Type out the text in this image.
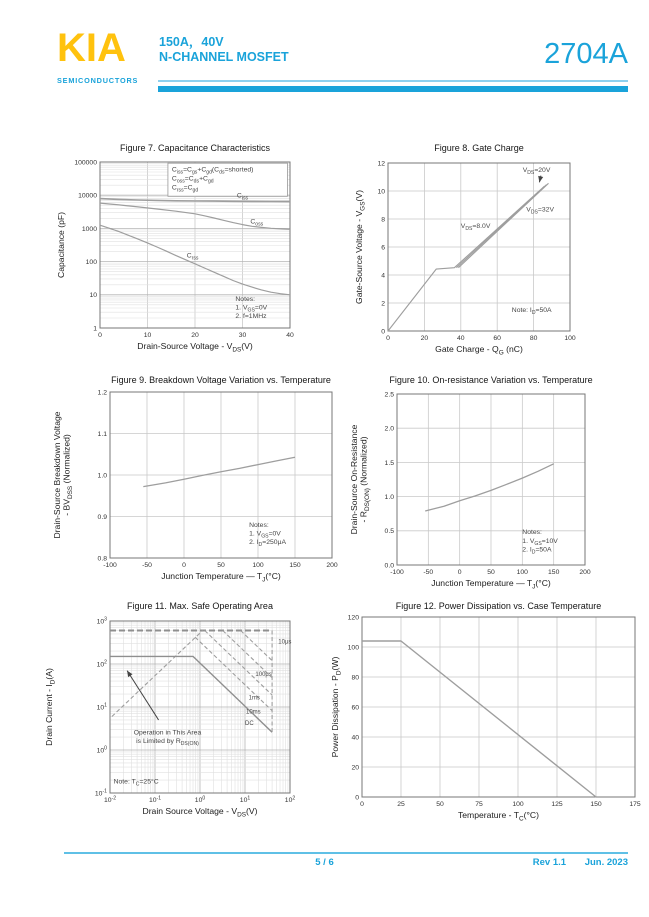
KIA
SEMICONDUCTORS
150A，40V
N-CHANNEL MOSFET	2704A
0	10	20	30	40
1
10
100
1000
10000
100000
Figure 7. Capacitance Characteristics
Drain-Source Voltage - VDS(V)
Capacitance (pF)
Ciss=Cgs+Cgd(Cds=shorted)
Coss=Cds+Cgd
Crss=Cgd
Notes:
1. VGS=0V
2. f=1MHz
Ciss
Coss
Crss
0	20	40	60	80	100
0
2
4
6
8
10
12
Figure 8. Gate Charge
Gate Charge - QG (nC)
Gate-Source Voltage - VGS(V)
Note: ID=50A
VDS=20V
VDS=32V
VDS=8.0V
-100	-50	0	50	100	150	200
0.8
0.9
1.0
1.1
1.2
Figure 9. Breakdown Voltage Variation vs. Temperature
Junction Temperature — TJ(°C)
Drain-Source Breakdown Voltage - BVDSS (Normalized)
Notes:
1. VGS=0V
2. ID=250μA
-100	-50	0	50	100	150	200
0.0
0.5
1.0
1.5
2.0
2.5
Figure 10. On-resistance Variation vs. Temperature
Junction Temperature — TJ(°C)
Drain-Source On-Resistance - RDS(ON) (Normalized)
Notes:
1. VGS=10V
2. ID=50A
10-2	10-1	100	101	102
10-1
100
101
102
103
Figure 11. Max. Safe Operating Area
Drain Source Voltage - VDS(V)
Drain Current - ID(A)
Note: TC=25°C
Operation in This Area
is Limited by RDS(ON)
10μs
100μs
1ms
10ms
DC
0	25	50	75	100	125	150	175
0
20
40
60
80
100
120
Figure 12. Power Dissipation vs. Case Temperature
Temperature - TC(°C)
Power Dissipation - PD(W)
5 / 6	Rev 1.1 Jun. 2023
